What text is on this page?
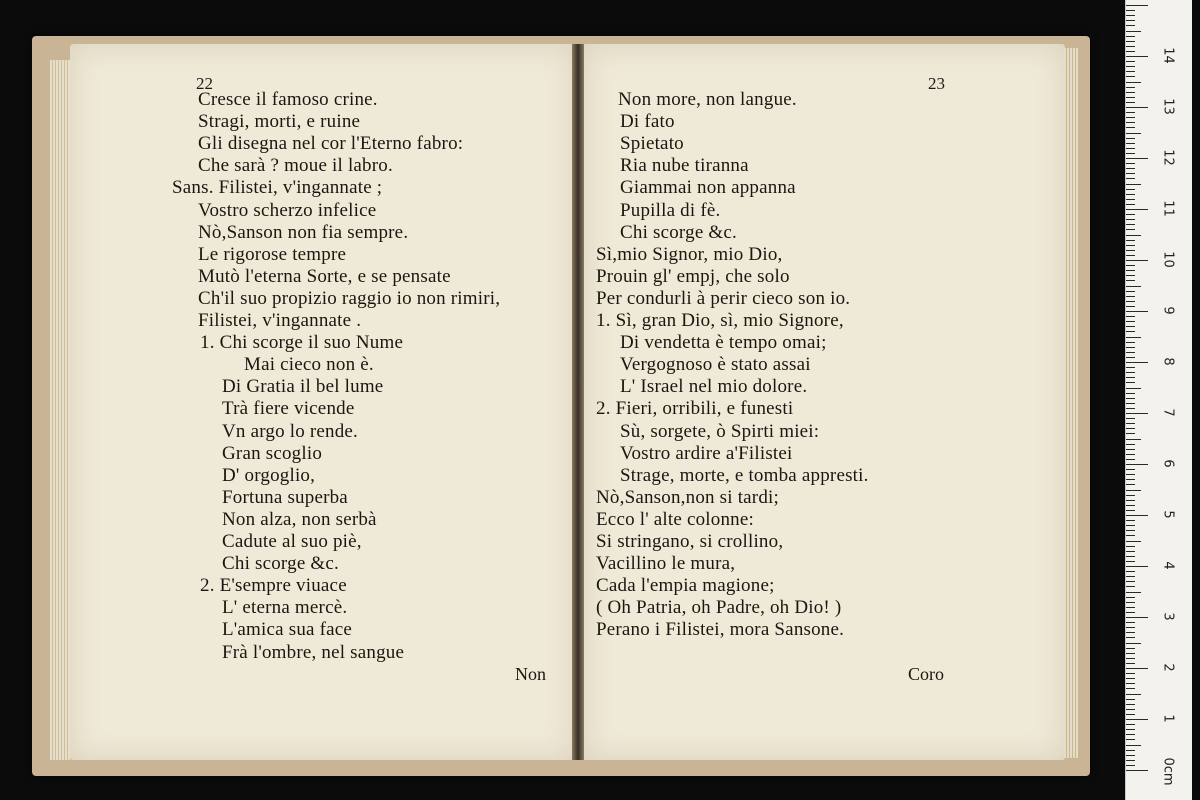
22	23
Cresce il famoso crine.
Stragi, morti, e ruine
Gli disegna nel cor l'Eterno fabro:
Che sarà ? moue il labro.
Sans. Filistei, v'ingannate ;
Vostro scherzo infelice
Nò,Sanson non fia sempre.
Le rigorose tempre
Mutò l'eterna Sorte, e se pensate
Ch'il suo propizio raggio io non rimiri,
Filistei, v'ingannate .
1. Chi scorge il suo Nume
Mai cieco non è.
Di Gratia il bel lume
Trà fiere vicende
Vn argo lo rende.
Gran scoglio
D' orgoglio,
Fortuna superba
Non alza, non serbà
Cadute al suo piè,
Chi scorge &c.
2. E'sempre viuace
L' eterna mercè.
L'amica sua face
Frà l'ombre, nel sangue
Non more, non langue.
Di fato
Spietato
Ria nube tiranna
Giammai non appanna
Pupilla di fè.
Chi scorge &c.
Sì,mio Signor, mio Dio,
Prouin gl' empj, che solo
Per condurli à perir cieco son io.
1. Sì, gran Dio, sì, mio Signore,
Di vendetta è tempo omai;
Vergognoso è stato assai
L' Israel nel mio dolore.
2. Fieri, orribili, e funesti
Sù, sorgete, ò Spirti miei:
Vostro ardire a'Filistei
Strage, morte, e tomba appresti.
Nò,Sanson,non si tardi;
Ecco l' alte colonne:
Si stringano, si crollino,
Vacillino le mura,
Cada l'empia magione;
( Oh Patria, oh Padre, oh Dio! )
Perano i Filistei, mora Sansone.
Non	Coro
14
13
12
11
10
9
8
7
6
5
4
3
2
1
0cm
